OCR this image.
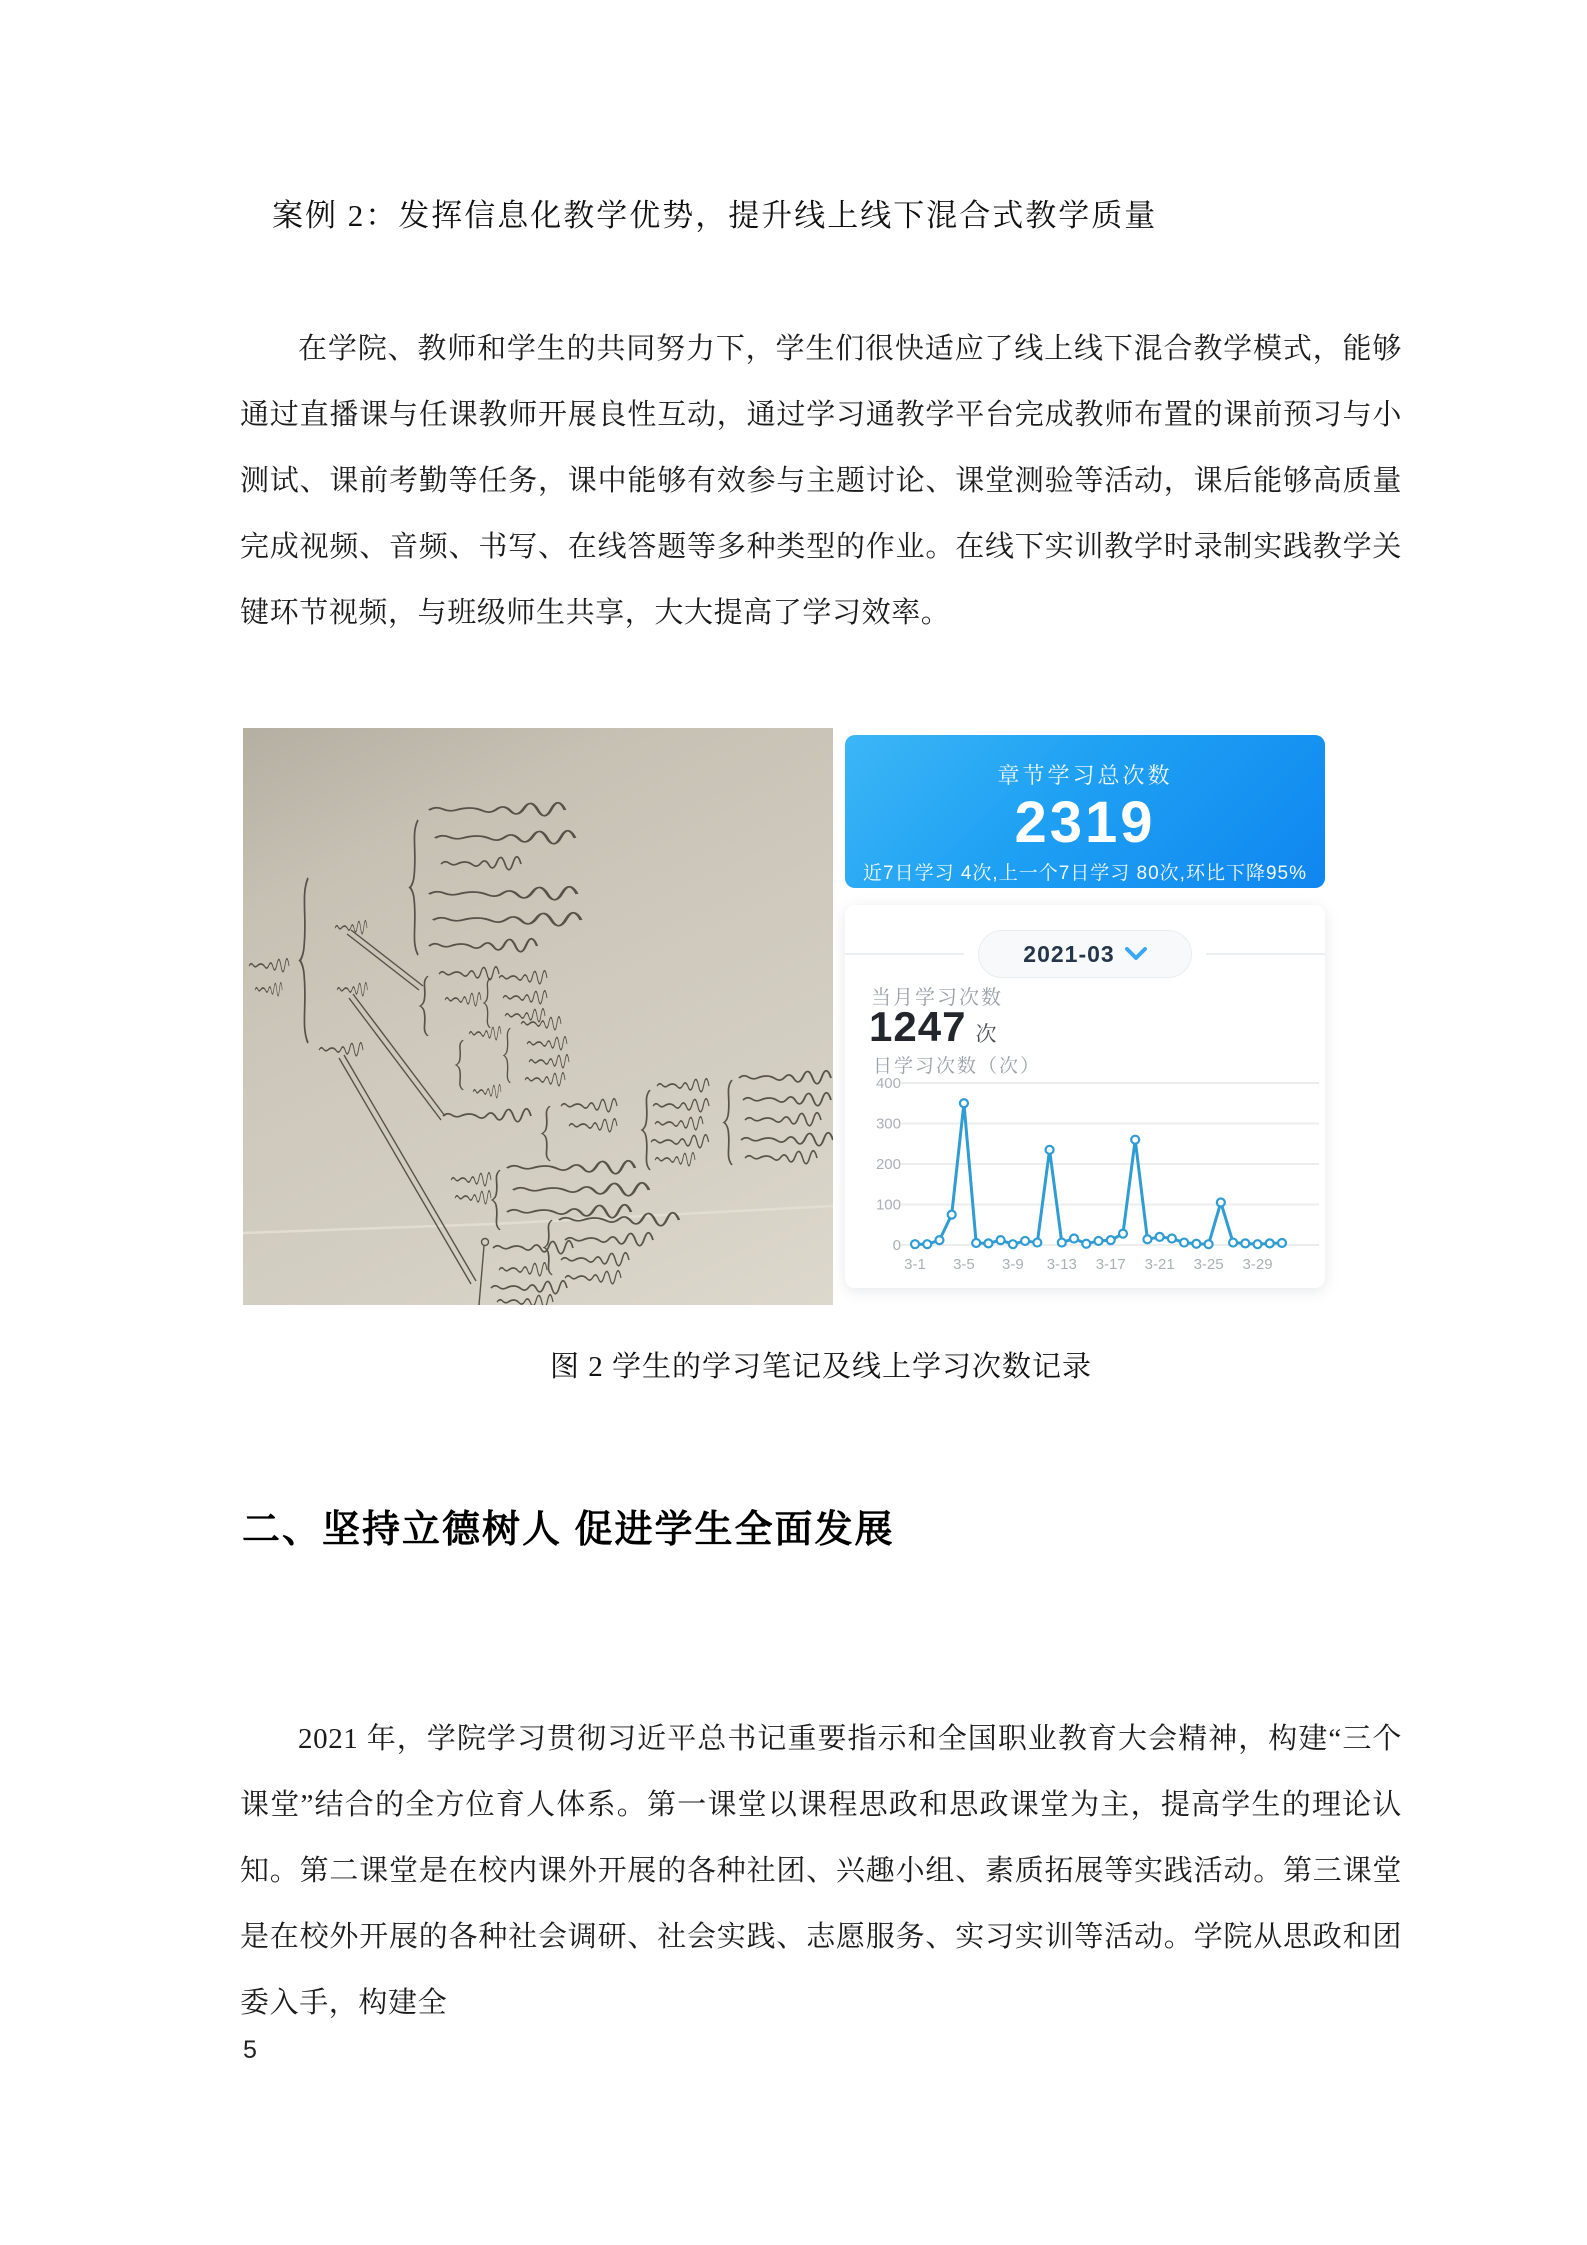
案例 2：发挥信息化教学优势，提升线上线下混合式教学质量
在学院、教师和学生的共同努力下，学生们很快适应了线上线下混合教学模式，能够通过直播课与任课教师开展良性互动，通过学习通教学平台完成教师布置的课前预习与小测试、课前考勤等任务，课中能够有效参与主题讨论、课堂测验等活动，课后能够高质量完成视频、音频、书写、在线答题等多种类型的作业。在线下实训教学时录制实践教学关键环节视频，与班级师生共享，大大提高了学习效率。
章节学习总次数
2319
近7日学习 4次,上一个7日学习 80次,环比下降95%
2021-03
当月学习次数
1247 次
日学习次数（次）
0
100
200
300
400
3-1 3-5 3-9 3-13 3-17 3-21 3-25 3-29
图 2 学生的学习笔记及线上学习次数记录
二、坚持立德树人 促进学生全面发展
2021 年，学院学习贯彻习近平总书记重要指示和全国职业教育大会精神，构建“三个课堂”结合的全方位育人体系。第一课堂以课程思政和思政课堂为主，提高学生的理论认知。第二课堂是在校内课外开展的各种社团、兴趣小组、素质拓展等实践活动。第三课堂是在校外开展的各种社会调研、社会实践、志愿服务、实习实训等活动。学院从思政和团委入手，构建全
5
